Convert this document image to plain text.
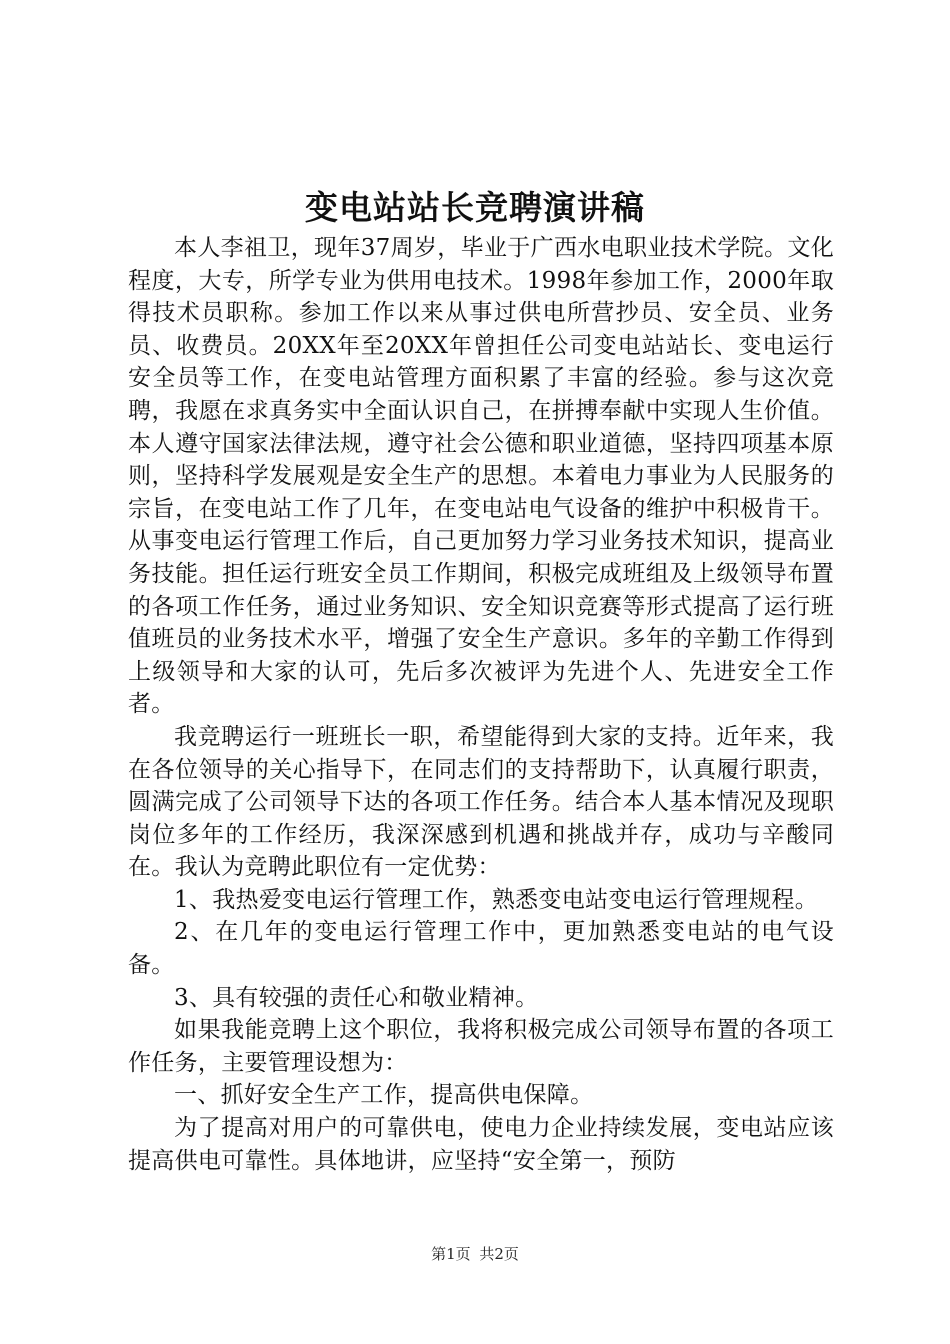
变电站站长竞聘演讲稿

本人李祖卫，现年37周岁，毕业于广西水电职业技术学院。文化程度，大专，所学专业为供用电技术。1998年参加工作，2000年取得技术员职称。参加工作以来从事过供电所营抄员、安全员、业务员、收费员。20XX年至20XX年曾担任公司变电站站长、变电运行安全员等工作，在变电站管理方面积累了丰富的经验。参与这次竞聘，我愿在求真务实中全面认识自己，在拼搏奉献中实现人生价值。本人遵守国家法律法规，遵守社会公德和职业道德，坚持四项基本原则，坚持科学发展观是安全生产的思想。本着电力事业为人民服务的宗旨，在变电站工作了几年，在变电站电气设备的维护中积极肯干。从事变电运行管理工作后，自己更加努力学习业务技术知识，提高业务技能。担任运行班安全员工作期间，积极完成班组及上级领导布置的各项工作任务，通过业务知识、安全知识竞赛等形式提高了运行班值班员的业务技术水平，增强了安全生产意识。多年的辛勤工作得到上级领导和大家的认可，先后多次被评为先进个人、先进安全工作者。

我竞聘运行一班班长一职，希望能得到大家的支持。近年来，我在各位领导的关心指导下，在同志们的支持帮助下，认真履行职责，圆满完成了公司领导下达的各项工作任务。结合本人基本情况及现职岗位多年的工作经历，我深深感到机遇和挑战并存，成功与辛酸同在。我认为竞聘此职位有一定优势：

1、我热爱变电运行管理工作，熟悉变电站变电运行管理规程。

2、在几年的变电运行管理工作中，更加熟悉变电站的电气设备。

3、具有较强的责任心和敬业精神。

如果我能竞聘上这个职位，我将积极完成公司领导布置的各项工作任务，主要管理设想为：

一、抓好安全生产工作，提高供电保障。

为了提高对用户的可靠供电，使电力企业持续发展，变电站应该提高供电可靠性。具体地讲，应坚持“安全第一，预防

第1页 共2页
